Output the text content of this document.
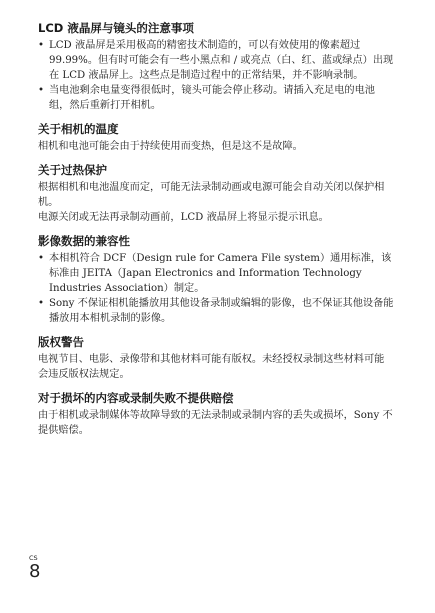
LCD 液晶屏与镜头的注意事项
• LCD 液晶屏是采用极高的精密技术制造的，可以有效使用的像素超过 99.99%。但有时可能会有一些小黑点和 / 或亮点（白、红、蓝或绿点）出现在 LCD 液晶屏上。这些点是制造过程中的正常结果，并不影响录制。
• 当电池剩余电量变得很低时，镜头可能会停止移动。请插入充足电的电池组，然后重新打开相机。
关于相机的温度

相机和电池可能会由于持续使用而变热，但是这不是故障。

关于过热保护

根据相机和电池温度而定，可能无法录制动画或电源可能会自动关闭以保护相机。

电源关闭或无法再录制动画前，LCD 液晶屏上将显示提示讯息。

影像数据的兼容性
• 本相机符合 DCF（Design rule for Camera File system）通用标准，该标准由 JEITA（Japan Electronics and Information Technology Industries Association）制定。
• Sony 不保证相机能播放用其他设备录制或编辑的影像，也不保证其他设备能播放用本相机录制的影像。
版权警告

电视节目、电影、录像带和其他材料可能有版权。未经授权录制这些材料可能会违反版权法规定。

对于损坏的内容或录制失败不提供赔偿

由于相机或录制媒体等故障导致的无法录制或录制内容的丢失或损坏，Sony 不提供赔偿。

CS
8
